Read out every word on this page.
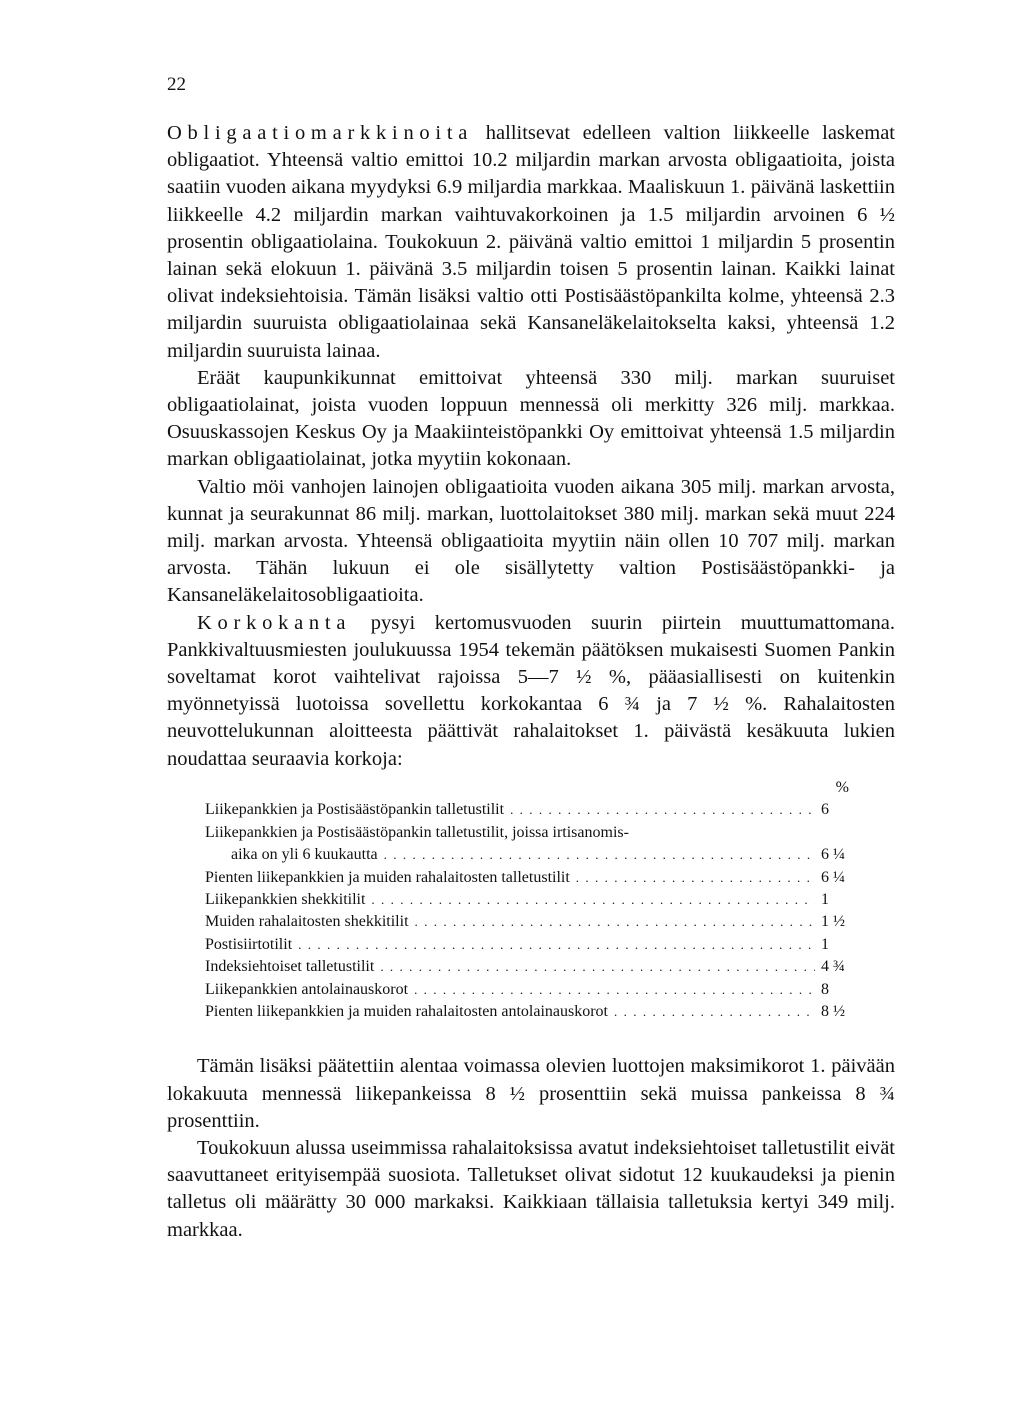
22

Obligaatiomarkkinoita hallitsevat edelleen valtion liikkeelle laskemat obligaatiot. Yhteensä valtio emittoi 10.2 miljardin markan arvosta obligaatioita, joista saatiin vuoden aikana myydyksi 6.9 miljardia markkaa. Maaliskuun 1. päivänä laskettiin liikkeelle 4.2 miljardin markan vaihtuvakorkoinen ja 1.5 miljardin arvoinen 6 ½ prosentin obligaatiolaina. Toukokuun 2. päivänä valtio emittoi 1 miljardin 5 prosentin lainan sekä elokuun 1. päivänä 3.5 miljardin toisen 5 prosentin lainan. Kaikki lainat olivat indeksiehtoisia. Tämän lisäksi valtio otti Postisäästöpankilta kolme, yhteensä 2.3 miljardin suuruista obligaatiolainaa sekä Kansaneläkelaitokselta kaksi, yhteensä 1.2 miljardin suuruista lainaa.

Eräät kaupunkikunnat emittoivat yhteensä 330 milj. markan suuruiset obligaatiolainat, joista vuoden loppuun mennessä oli merkitty 326 milj. markkaa. Osuuskassojen Keskus Oy ja Maakiinteistöpankki Oy emittoivat yhteensä 1.5 miljardin markan obligaatiolainat, jotka myytiin kokonaan.

Valtio möi vanhojen lainojen obligaatioita vuoden aikana 305 milj. markan arvosta, kunnat ja seurakunnat 86 milj. markan, luottolaitokset 380 milj. markan sekä muut 224 milj. markan arvosta. Yhteensä obligaatioita myytiin näin ollen 10 707 milj. markan arvosta. Tähän lukuun ei ole sisällytetty valtion Postisäästöpankki- ja Kansaneläkelaitosobligaatioita.

Korkokanta pysyi kertomusvuoden suurin piirtein muuttumattomana. Pankkivaltuusmiesten joulukuussa 1954 tekemän päätöksen mukaisesti Suomen Pankin soveltamat korot vaihtelivat rajoissa 5—7 ½ %, pääasiallisesti on kuitenkin myönnetyissä luotoissa sovellettu korkokantaa 6 ¾ ja 7 ½ %. Rahalaitosten neuvottelukunnan aloitteesta päättivät rahalaitokset 1. päivästä kesäkuuta lukien noudattaa seuraavia korkoja:

%
Liikepankkien ja Postisäästöpankin talletustilit . . .	6
Liikepankkien ja Postisäästöpankin talletustilit, joissa irtisanomis-
aika on yli 6 kuukautta . . .	6 ¼
Pienten liikepankkien ja muiden rahalaitosten talletustilit . . .	6 ¼
Liikepankkien shekkitilit . . .	1
Muiden rahalaitosten shekkitilit . . .	1 ½
Postisiirtotilit . . .	1
Indeksiehtoiset talletustilit . . .	4 ¾
Liikepankkien antolainauskorot . . .	8
Pienten liikepankkien ja muiden rahalaitosten antolainauskorot . . .	8 ½

Tämän lisäksi päätettiin alentaa voimassa olevien luottojen maksimikorot 1. päivään lokakuuta mennessä liikepankeissa 8 ½ prosenttiin sekä muissa pankeissa 8 ¾ prosenttiin.

Toukokuun alussa useimmissa rahalaitoksissa avatut indeksiehtoiset talletustilit eivät saavuttaneet erityisempää suosiota. Talletukset olivat sidotut 12 kuukaudeksi ja pienin talletus oli määrätty 30 000 markaksi. Kaikkiaan tällaisia talletuksia kertyi 349 milj. markkaa.
